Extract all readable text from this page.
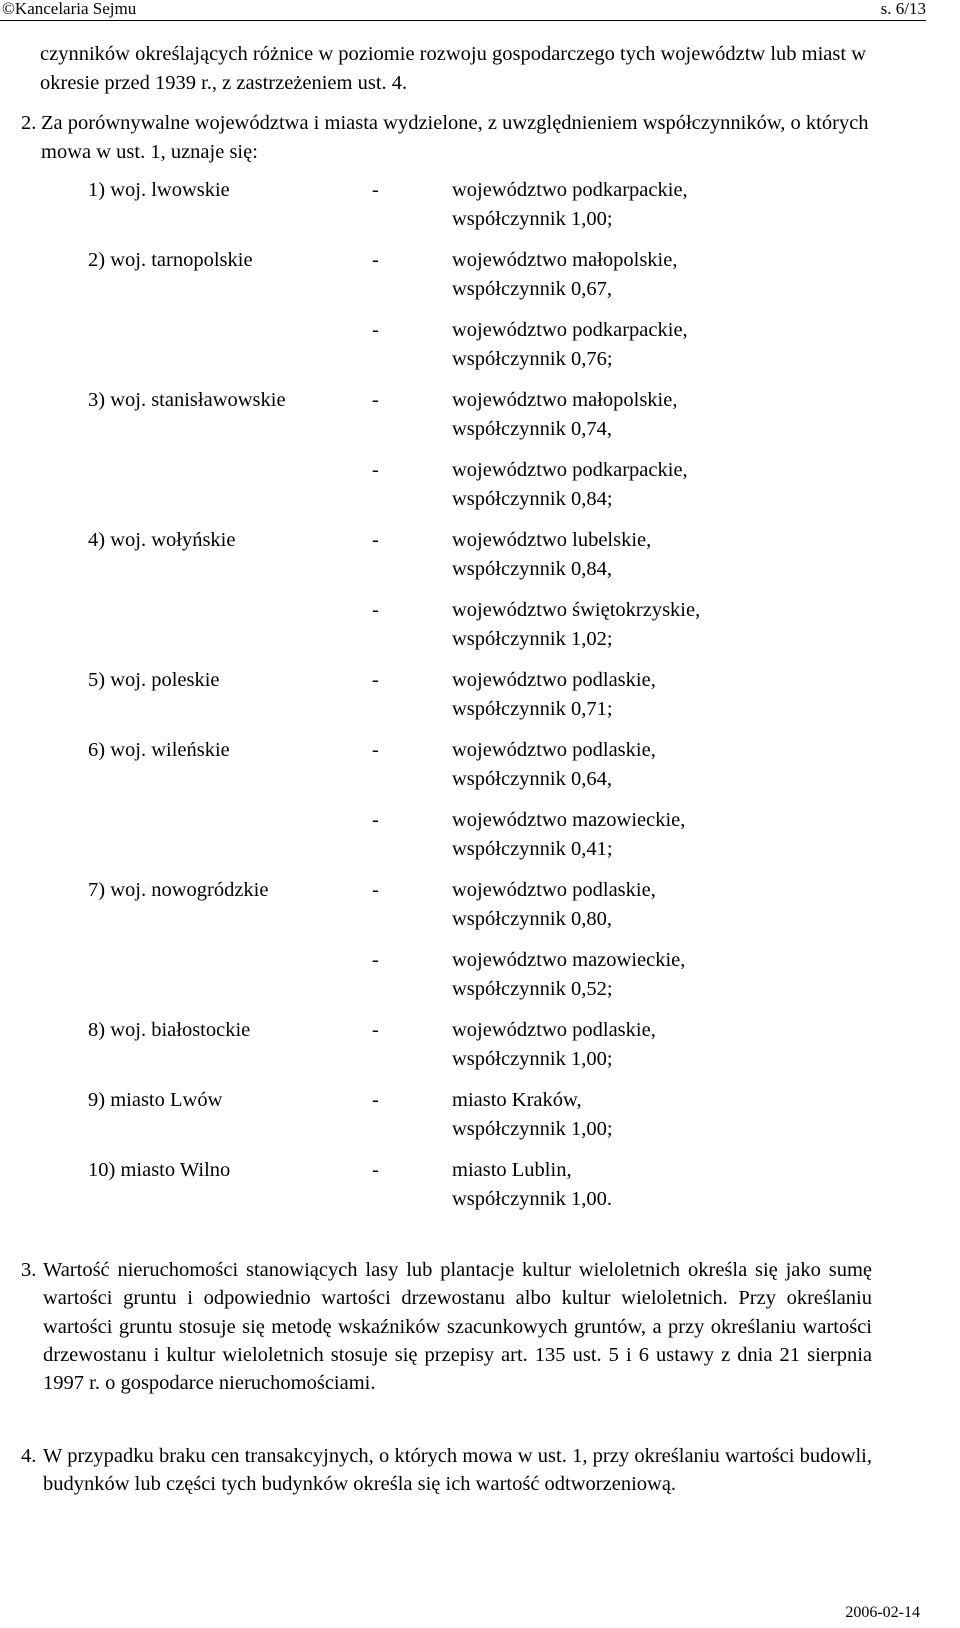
©Kancelaria Sejmu	s. 6/13
czynników określających różnice w poziomie rozwoju gospodarczego tych województw lub miast w okresie przed 1939 r., z zastrzeżeniem ust. 4.
2. Za porównywalne województwa i miasta wydzielone, z uwzględnieniem współczynników, o których mowa w ust. 1, uznaje się:
1) woj. lwowskie	-	województwo podkarpackie,
współczynnik 1,00;
2) woj. tarnopolskie	-	województwo małopolskie,
współczynnik 0,67,
-	województwo podkarpackie,
współczynnik 0,76;
3) woj. stanisławowskie	-	województwo małopolskie,
współczynnik 0,74,
-	województwo podkarpackie,
współczynnik 0,84;
4) woj. wołyńskie	-	województwo lubelskie,
współczynnik 0,84,
-	województwo świętokrzyskie,
współczynnik 1,02;
5) woj. poleskie	-	województwo podlaskie,
współczynnik 0,71;
6) woj. wileńskie	-	województwo podlaskie,
współczynnik 0,64,
-	województwo mazowieckie,
współczynnik 0,41;
7) woj. nowogródzkie	-	województwo podlaskie,
współczynnik 0,80,
-	województwo mazowieckie,
współczynnik 0,52;
8) woj. białostockie	-	województwo podlaskie,
współczynnik 1,00;
9) miasto Lwów	-	miasto Kraków,
współczynnik 1,00;
10) miasto Wilno	-	miasto Lublin,
współczynnik 1,00.
3. Wartość nieruchomości stanowiących lasy lub plantacje kultur wieloletnich określa się jako sumę wartości gruntu i odpowiednio wartości drzewostanu albo kultur wieloletnich. Przy określaniu wartości gruntu stosuje się metodę wskaźników szacunkowych gruntów, a przy określaniu wartości drzewostanu i kultur wieloletnich stosuje się przepisy art. 135 ust. 5 i 6 ustawy z dnia 21 sierpnia 1997 r. o gospodarce nieruchomościami.
4. W przypadku braku cen transakcyjnych, o których mowa w ust. 1, przy określaniu wartości budowli, budynków lub części tych budynków określa się ich wartość odtworzeniową.
2006-02-14
